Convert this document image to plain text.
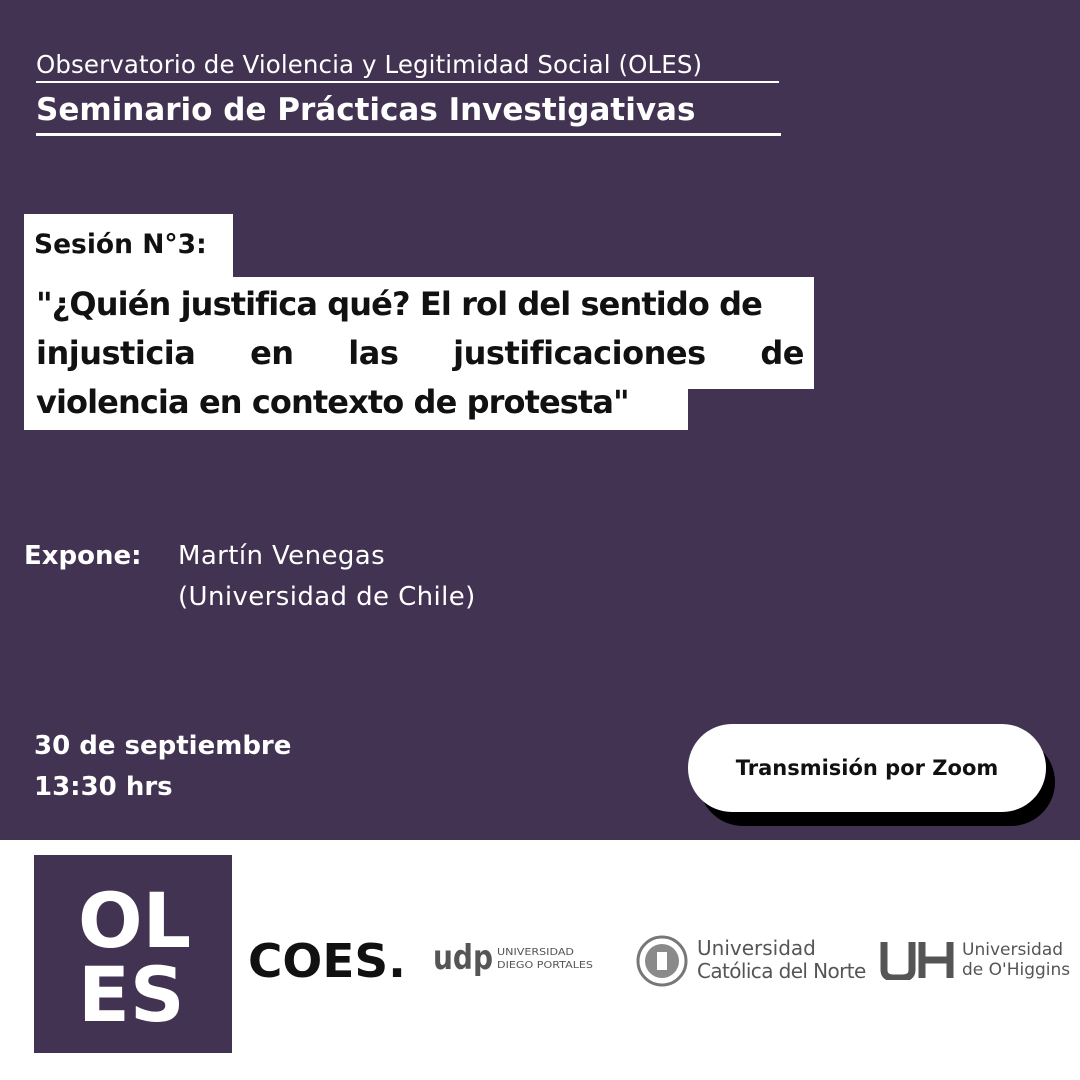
Observatorio de Violencia y Legitimidad Social (OLES)
Seminario de Prácticas Investigativas
Sesión N°3:
"¿Quién justifica qué? El rol del sentido de
injusticia en las justificaciones de
violencia en contexto de protesta"
Expone: Martín Venegas
(Universidad de Chile)
30 de septiembre
13:30 hrs
Transmisión por Zoom
OL
ES COES. udp UNIVERSIDAD
DIEGO PORTALES
Universidad
Católica del Norte
Universidad
de O'Higgins
